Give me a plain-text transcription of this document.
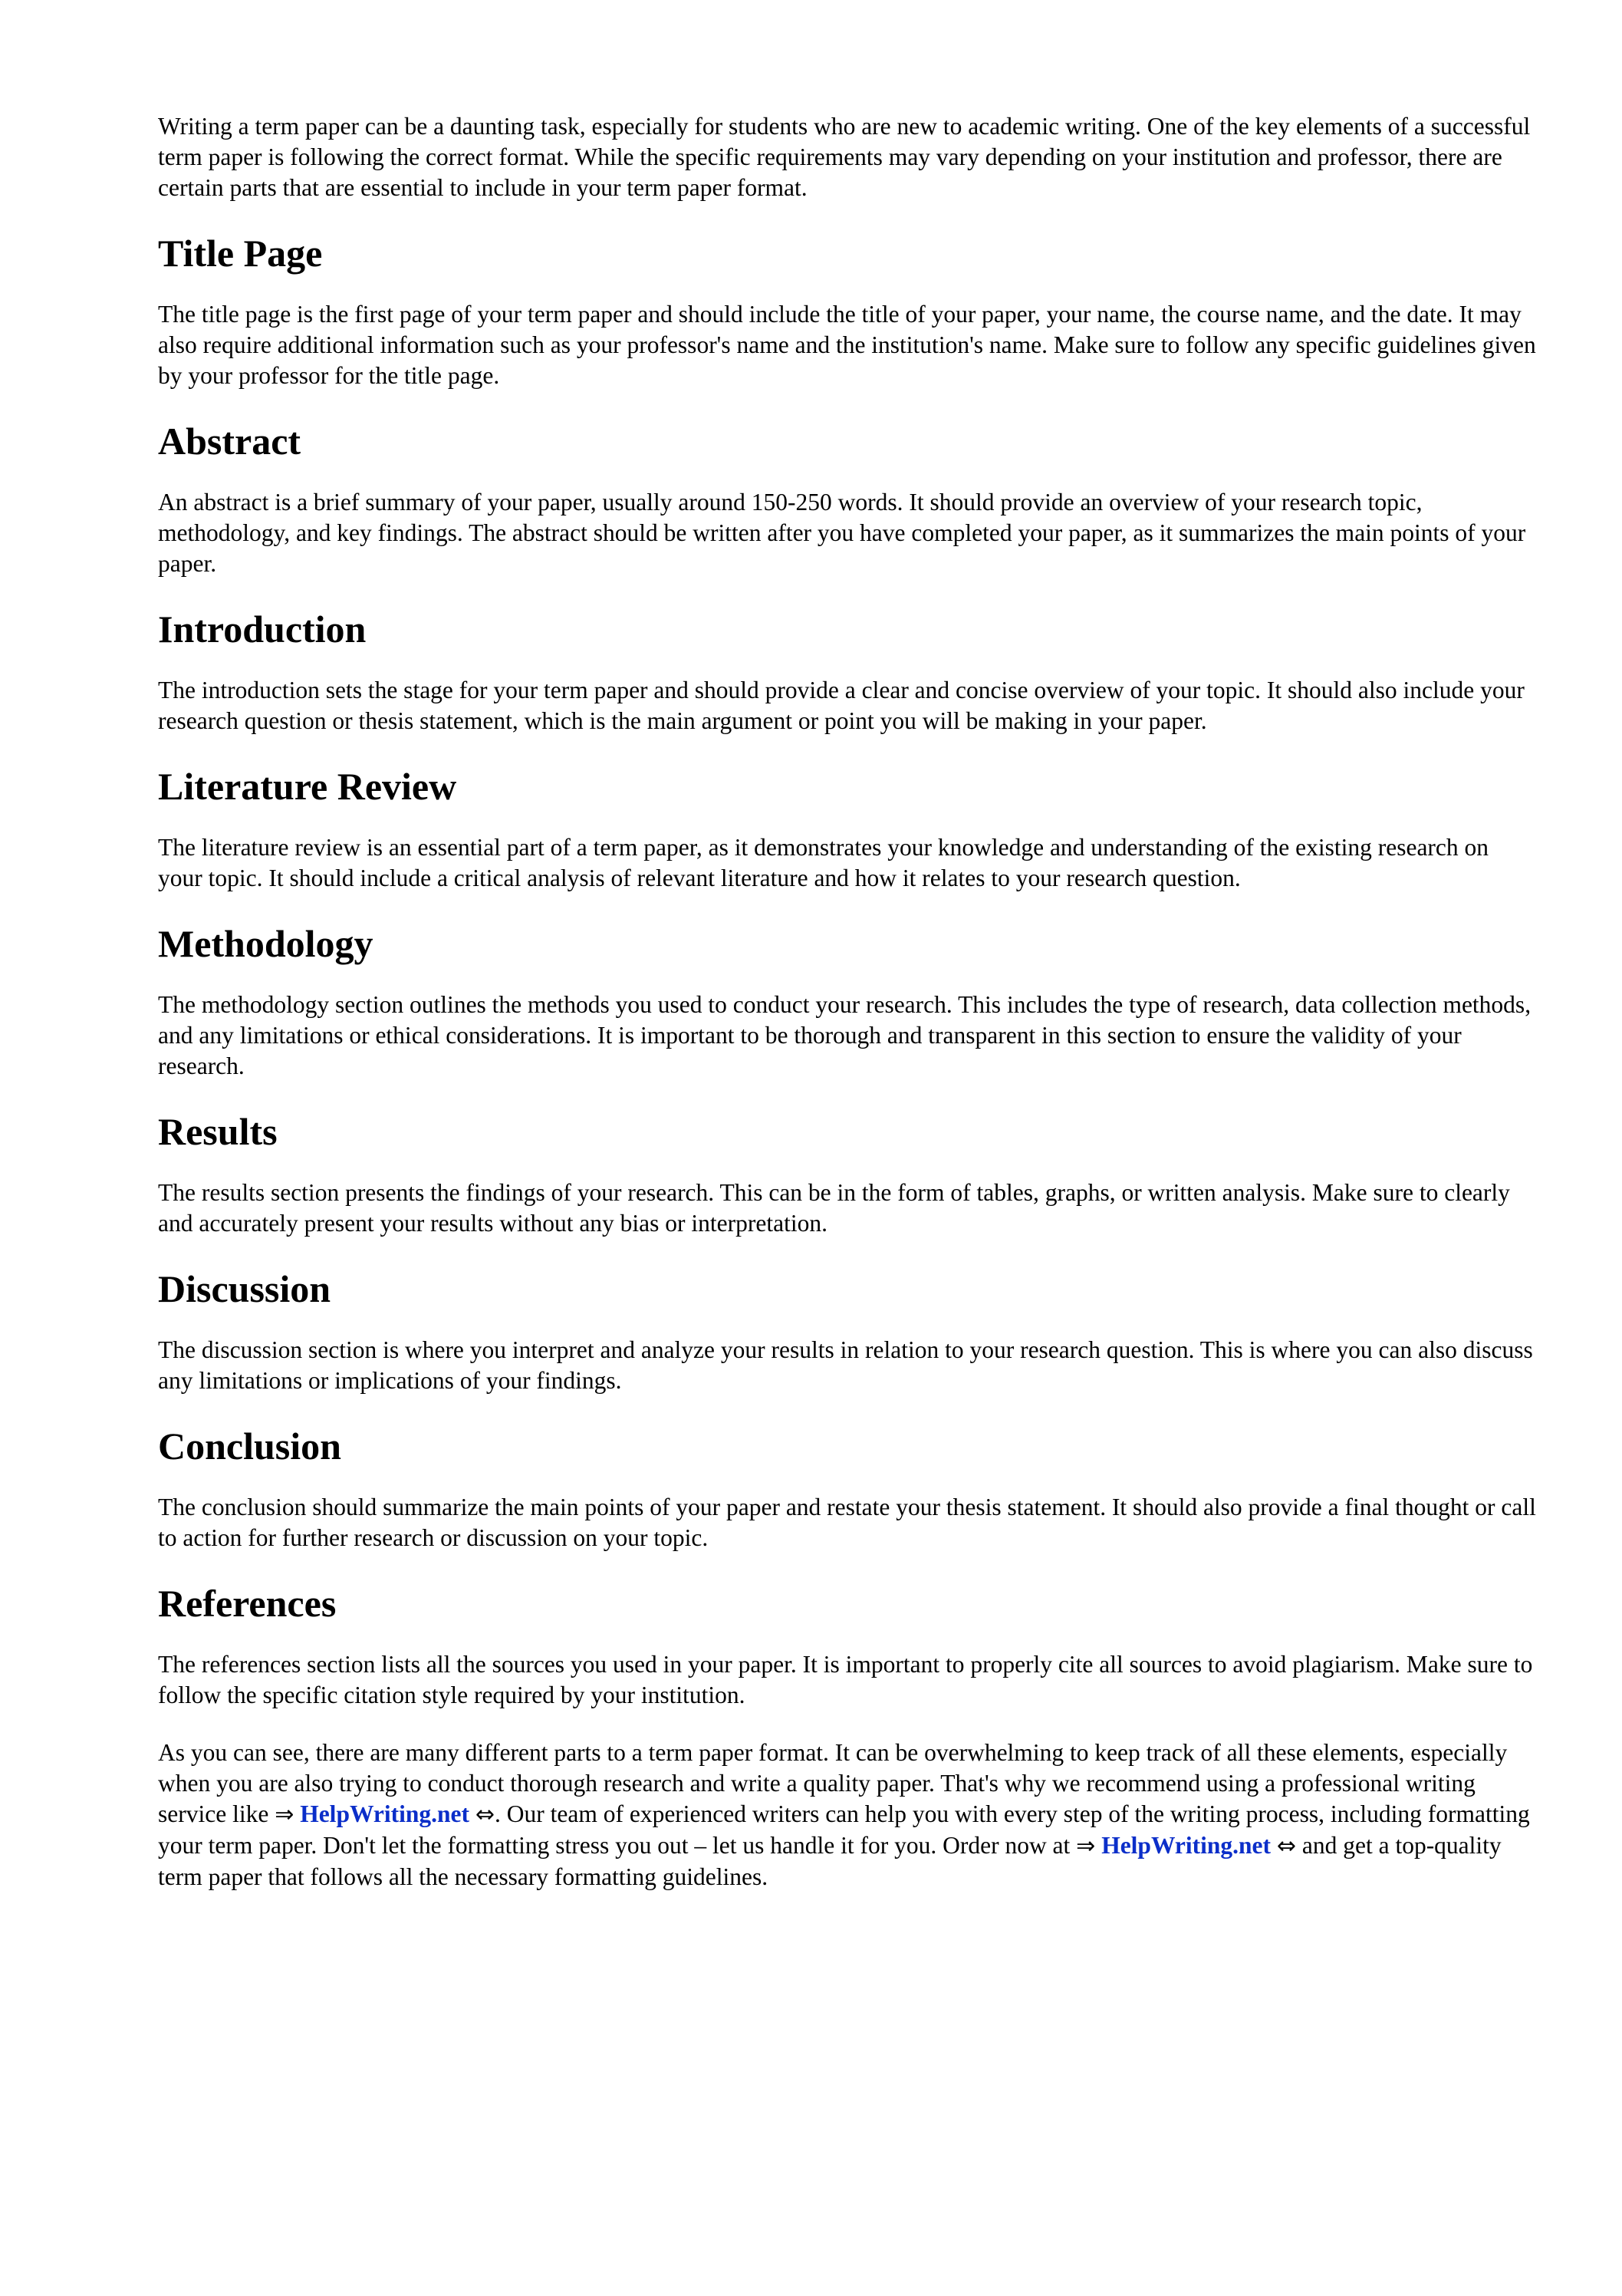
Writing a term paper can be a daunting task, especially for students who are new to academic writing. One of the key elements of a successful term paper is following the correct format. While the specific requirements may vary depending on your institution and professor, there are certain parts that are essential to include in your term paper format.

Title Page

The title page is the first page of your term paper and should include the title of your paper, your name, the course name, and the date. It may also require additional information such as your professor's name and the institution's name. Make sure to follow any specific guidelines given by your professor for the title page.

Abstract

An abstract is a brief summary of your paper, usually around 150-250 words. It should provide an overview of your research topic, methodology, and key findings. The abstract should be written after you have completed your paper, as it summarizes the main points of your paper.

Introduction

The introduction sets the stage for your term paper and should provide a clear and concise overview of your topic. It should also include your research question or thesis statement, which is the main argument or point you will be making in your paper.

Literature Review

The literature review is an essential part of a term paper, as it demonstrates your knowledge and understanding of the existing research on your topic. It should include a critical analysis of relevant literature and how it relates to your research question.

Methodology

The methodology section outlines the methods you used to conduct your research. This includes the type of research, data collection methods, and any limitations or ethical considerations. It is important to be thorough and transparent in this section to ensure the validity of your research.

Results

The results section presents the findings of your research. This can be in the form of tables, graphs, or written analysis. Make sure to clearly and accurately present your results without any bias or interpretation.

Discussion

The discussion section is where you interpret and analyze your results in relation to your research question. This is where you can also discuss any limitations or implications of your findings.

Conclusion

The conclusion should summarize the main points of your paper and restate your thesis statement. It should also provide a final thought or call to action for further research or discussion on your topic.

References

The references section lists all the sources you used in your paper. It is important to properly cite all sources to avoid plagiarism. Make sure to follow the specific citation style required by your institution.

As you can see, there are many different parts to a term paper format. It can be overwhelming to keep track of all these elements, especially when you are also trying to conduct thorough research and write a quality paper. That's why we recommend using a professional writing service like ⇒ HelpWriting.net ⇔. Our team of experienced writers can help you with every step of the writing process, including formatting your term paper. Don't let the formatting stress you out – let us handle it for you. Order now at ⇒ HelpWriting.net ⇔ and get a top-quality term paper that follows all the necessary formatting guidelines.
